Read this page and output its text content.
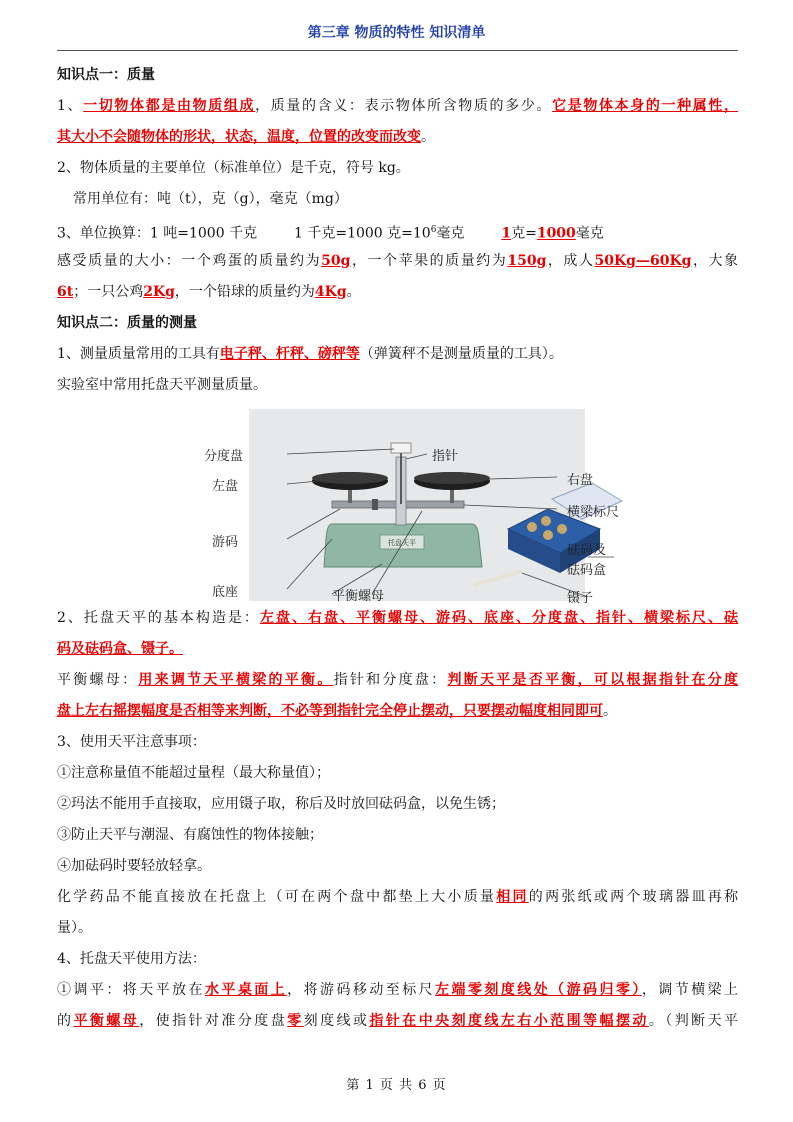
第三章 物质的特性 知识清单
知识点一：质量
1、一切物体都是由物质组成，质量的含义：表示物体所含物质的多少。它是物体本身的一种属性，
其大小不会随物体的形状，状态，温度，位置的改变而改变。
2、物体质量的主要单位（标准单位）是千克，符号 kg。
常用单位有：吨（t），克（g），毫克（mg）
3、单位换算：1 吨=1000 千克	1 千克=1000 克$=10^6$毫克	1克=1000毫克
感受质量的大小：一个鸡蛋的质量约为50g，一个苹果的质量约为150g，成人50Kg—60Kg，大象
6t；一只公鸡2Kg，一个铅球的质量约为4Kg。
知识点二：质量的测量
1、测量质量常用的工具有电子秤、杆秤、磅秤等（弹簧秤不是测量质量的工具）。
实验室中常用托盘天平测量质量。
托盘天平
分度盘
左盘
游码
底座	平衡螺母
指针
右盘
横梁标尺
砝码及
砝码盒
镊子
2、托盘天平的基本构造是：左盘、右盘、平衡螺母、游码、底座、分度盘、指针、横梁标尺、砝
码及砝码盒、镊子。
平衡螺母：用来调节天平横梁的平衡。指针和分度盘：判断天平是否平衡，可以根据指针在分度
盘上左右摇摆幅度是否相等来判断，不必等到指针完全停止摆动，只要摆动幅度相同即可。
3、使用天平注意事项：
①注意称量值不能超过量程（最大称量值）；
②玛法不能用手直接取，应用镊子取，称后及时放回砝码盒，以免生锈；
③防止天平与潮湿、有腐蚀性的物体接触；
④加砝码时要轻放轻拿。
化学药品不能直接放在托盘上（可在两个盘中都垫上大小质量相同的两张纸或两个玻璃器皿再称
量）。
4、托盘天平使用方法：
①调平：将天平放在水平桌面上，将游码移动至标尺左端零刻度线处（游码归零），调节横梁上
的平衡螺母，使指针对准分度盘零刻度线或指针在中央刻度线左右小范围等幅摆动。（判断天平
第 1 页 共 6 页
